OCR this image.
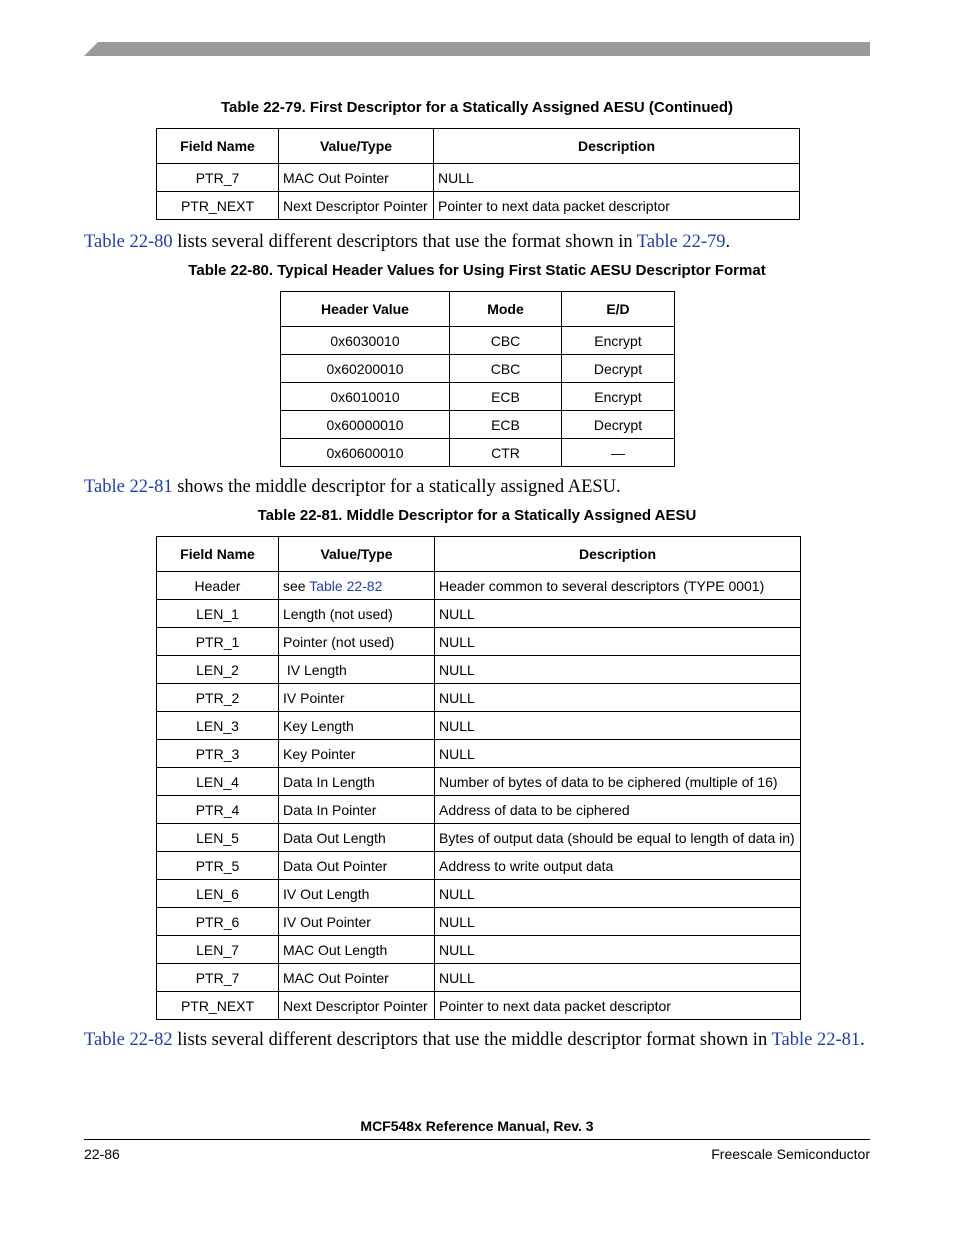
Table 22-79. First Descriptor for a Statically Assigned AESU (Continued)
Field Name	Value/Type	Description
PTR_7	MAC Out Pointer	NULL
PTR_NEXT	Next Descriptor Pointer	Pointer to next data packet descriptor
Table 22-80 lists several different descriptors that use the format shown in Table 22-79.
Table 22-80. Typical Header Values for Using First Static AESU Descriptor Format
Header Value	Mode	E/D
0x6030010	CBC	Encrypt
0x60200010	CBC	Decrypt
0x6010010	ECB	Encrypt
0x60000010	ECB	Decrypt
0x60600010	CTR	—
Table 22-81 shows the middle descriptor for a statically assigned AESU.
Table 22-81. Middle Descriptor for a Statically Assigned AESU
Field Name	Value/Type	Description
Header	see Table 22-82	Header common to several descriptors (TYPE 0001)
LEN_1	Length (not used)	NULL
PTR_1	Pointer (not used)	NULL
LEN_2	IV Length	NULL
PTR_2	IV Pointer	NULL
LEN_3	Key Length	NULL
PTR_3	Key Pointer	NULL
LEN_4	Data In Length	Number of bytes of data to be ciphered (multiple of 16)
PTR_4	Data In Pointer	Address of data to be ciphered
LEN_5	Data Out Length	Bytes of output data (should be equal to length of data in)
PTR_5	Data Out Pointer	Address to write output data
LEN_6	IV Out Length	NULL
PTR_6	IV Out Pointer	NULL
LEN_7	MAC Out Length	NULL
PTR_7	MAC Out Pointer	NULL
PTR_NEXT	Next Descriptor Pointer	Pointer to next data packet descriptor
Table 22-82 lists several different descriptors that use the middle descriptor format shown in Table 22-81.
MCF548x Reference Manual, Rev. 3
22-86	Freescale Semiconductor
